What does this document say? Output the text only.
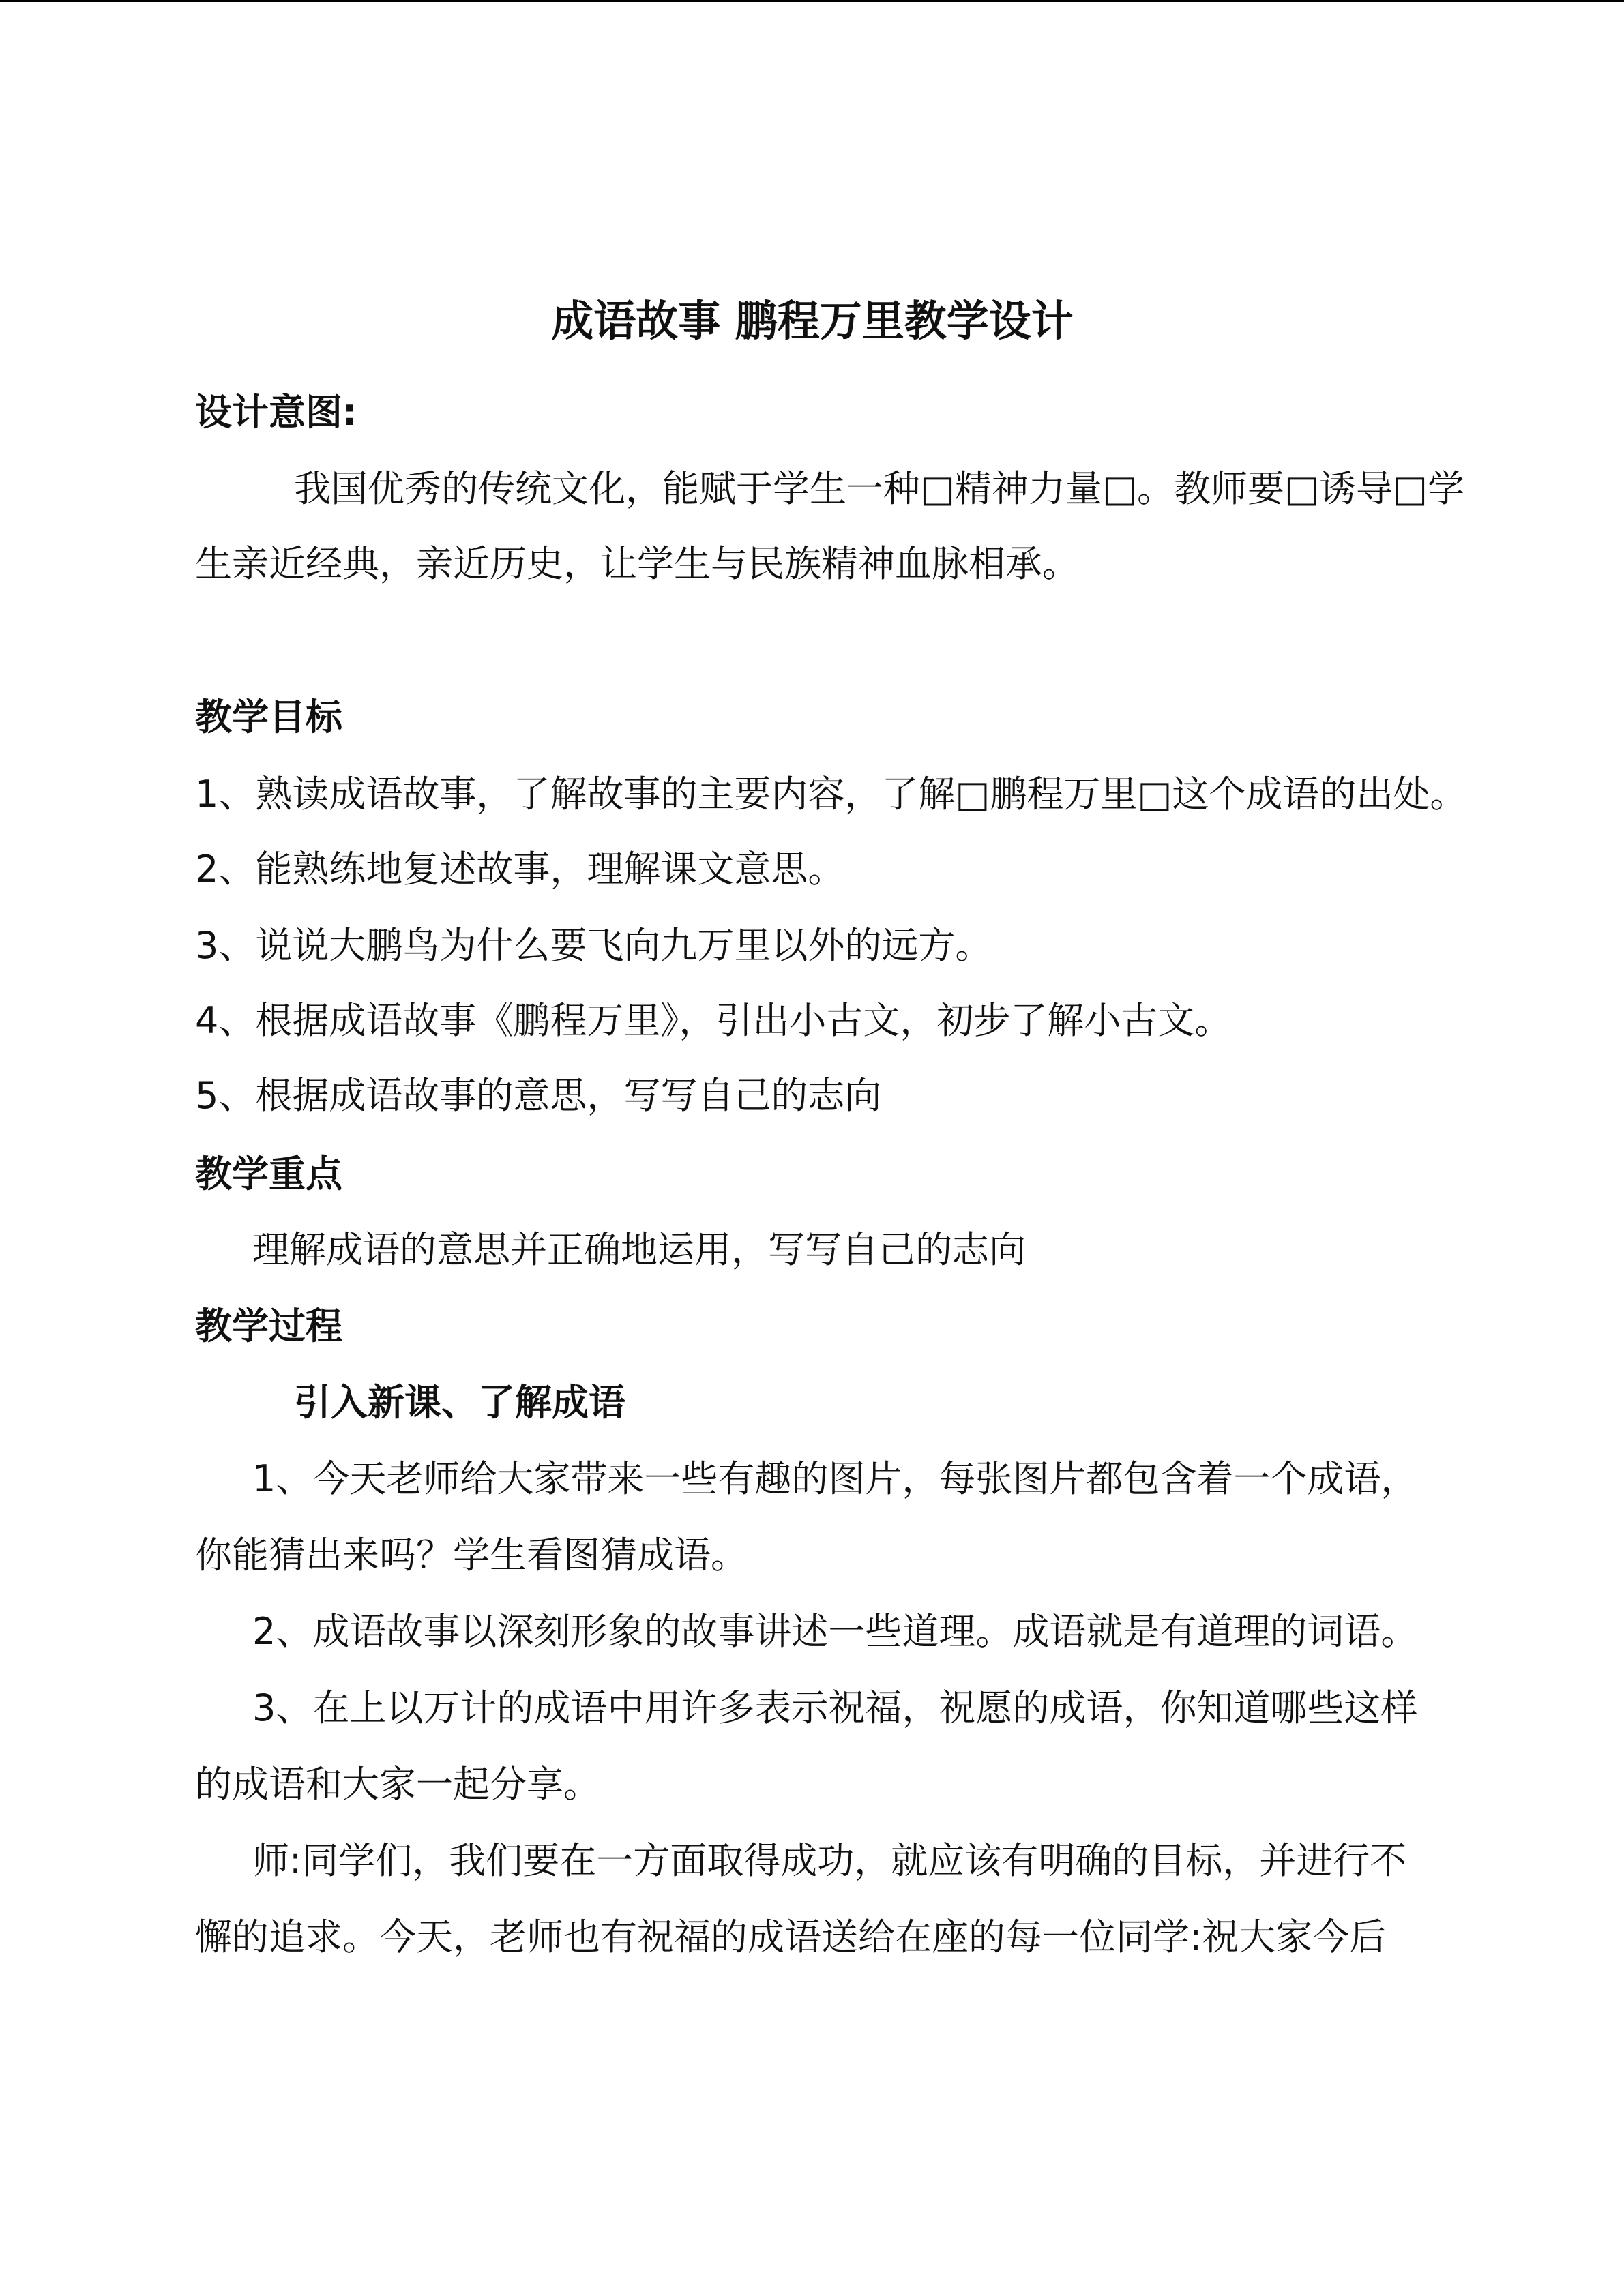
成语故事 鹏程万里教学设计
设计意图:
我国优秀的传统文化，能赋于学生一种□精神力量□。教师要□诱导□学
生亲近经典，亲近历史，让学生与民族精神血脉相承。
教学目标
1、熟读成语故事，了解故事的主要内容，了解□鹏程万里□这个成语的出处。
2、能熟练地复述故事，理解课文意思。
3、说说大鹏鸟为什么要飞向九万里以外的远方。
4、根据成语故事《鹏程万里》，引出小古文，初步了解小古文。
5、根据成语故事的意思，写写自己的志向
教学重点
理解成语的意思并正确地运用，写写自己的志向
教学过程
引入新课、了解成语
1、今天老师给大家带来一些有趣的图片，每张图片都包含着一个成语，
你能猜出来吗？学生看图猜成语。
2、成语故事以深刻形象的故事讲述一些道理。成语就是有道理的词语。
3、在上以万计的成语中用许多表示祝福，祝愿的成语，你知道哪些这样
的成语和大家一起分享。
师:同学们，我们要在一方面取得成功，就应该有明确的目标，并进行不
懈的追求。今天，老师也有祝福的成语送给在座的每一位同学:祝大家今后
